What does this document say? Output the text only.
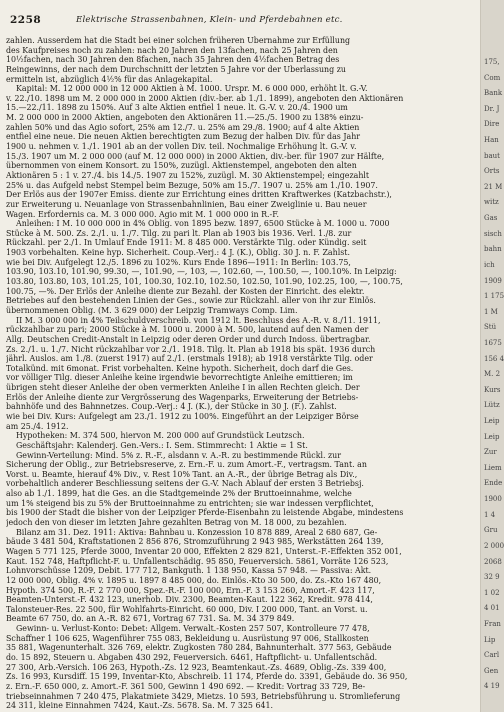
2258	Elektrische Strassenbahnen, Klein- und Pferdebahnen etc.
zahlen. Ausserdem hat die Stadt bei einer solchen früheren Übernahme zur Erfüllung
des Kaufpreises noch zu zahlen: nach 20 Jahren den 13fachen, nach 25 Jahren den
10½fachen, nach 30 Jahren den 8fachen, nach 35 Jahren den 4½fachen Betrag des
Reingewinns, der nach dem Durchschnitt der letzten 5 Jahre vor der Überlassung zu
ermitteln ist, abzüglich 4½% für das Anlagekapital.
Kapital: M. 12 000 000 in 12 000 Aktien à M. 1000. Urspr. M. 6 000 000, erhöht lt. G.-V.
v. 22./10. 1898 um M. 2 000 000 in 2000 Aktien (div.-ber. ab 1./1. 1899), angeboten den Aktionären
15.—22./11. 1898 zu 150%. Auf 3 alte Aktien entfiel 1 neue. lt. G.-V. v. 20./4. 1900 um
M. 2 000 000 in 2000 Aktien, angeboten den Aktionären 11.—25./5. 1900 zu 138% einzu-
zahlen 50% und das Agio sofort, 25% am 12./7. u. 25% am 29./8. 1900; auf 4 alte Aktien
entfiel eine neue. Die neuen Aktien berechtigten zum Bezug der halben Div. für das Jahr
1900 u. nehmen v. 1./1. 1901 ab an der vollen Div. teil. Nochmalige Erhöhung lt. G.-V. v.
15./3. 1907 um M. 2 000 000 (auf M. 12 000 000) in 2000 Aktien, div.-ber. für 1907 zur Hälfte,
übernommen von einem Konsort. zu 150%, zuzügl. Aktienstempel, angeboten den alten
Aktionären 5 : 1 v. 27./4. bis 14./5. 1907 zu 152%, zuzügl. M. 30 Aktienstempel; eingezahlt
25% u. das Aufgeld nebst Stempel beim Bezuge, 50% am 15./7. 1907 u. 25% am 1./10. 1907.
Der Erlös aus der 1907er Emiss. diente zur Errichtung eines dritten Kraftwerkes (Katzbachstr.),
zur Erweiterung u. Neuanlage von Strassenbahnlinien, Bau einer Zweiglinie u. Bau neuer
Wagen. Erfordernis ca. M. 3 000 000. Agio mit M. 1 000 000 in R.-F.
Anleihen: I M. 10 000 000 in 4% Oblig. von 1895 bezw. 1897, 6500 Stücke à M. 1000 u. 7000
Stücke à M. 500. Zs. 2./1. u. 1./7. Tilg. zu pari lt. Plan ab 1903 bis 1936. Verl. 1./8. zur
Rückzahl. per 2./1. In Umlauf Ende 1911: M. 8 485 000. Verstärkte Tilg. oder Kündig. seit
1903 vorbehalten. Keine hyp. Sicherheit. Coup.-Verj.: 4 J. (K.), Oblig. 30 J. n. F. Zahlst.
wie bei Div. Aufgelegt 12./5. 1896 zu 102%. Kurs Ende 1896—1911: In Berlin: 103.75,
103.90, 103.10, 101.90, 99.30, —, 101.90, —, 103, —, 102.60, —, 100.50, —, 100.10%. In Leipzig:
103.80, 103.80, 103, 101.25, 101, 100.30, 102.10, 102.50, 102.50, 101.90, 102.25, 100, —, 100.75,
100.75, —%. Der Erlös der Anleihe diente zur Bezahl. der Kosten der Einricht. des elektr.
Betriebes auf den bestehenden Linien der Ges., sowie zur Rückzahl. aller von ihr zur Einlös.
übernommenen Oblig. (M. 3 629 000) der Leipzig Tramways Comp. Lim.
II M. 3 000 000 in 4% Teilschuldverschreib. von 1912 lt. Beschluss des A.-R. v. 8./11. 1911,
rückzahlbar zu pari; 2000 Stücke à M. 1000 u. 2000 à M. 500, lautend auf den Namen der
Allg. Deutschen Credit-Anstalt in Leipzig oder deren Order und durch Indoss. übertragbar.
Zs. 2./1. u. 1./7. Nicht rückzahlbar vor 2./1. 1918. Tilg. lt. Plan ab 1918 bis spät. 1936 durch
jährl. Auslos. am 1./8. (zuerst 1917) auf 2./1. (erstmals 1918); ab 1918 verstärkte Tilg. oder
Totalkünd. mit 6monat. Frist vorbehalten. Keine hypoth. Sicherheit, doch darf die Ges.
vor völliger Tilg. dieser Anleihe keine irgendwie bevorrechtigte Anleihe emittieren; im
übrigen steht dieser Anleihe der oben vermerkten Anleihe I in allen Rechten gleich. Der
Erlös der Anleihe diente zur Vergrösserung des Wagenparks, Erweiterung der Betriebs-
bahnhöfe und des Bahnnetzes. Coup.-Verj.: 4 J. (K.), der Stücke in 30 J. (F.). Zahlst.
wie bei Div. Kurs: Aufgelegt am 23./1. 1912 zu 100%. Eingeführt an der Leipziger Börse
am 25./4. 1912.
Hypotheken: M. 374 500, hiervon M. 200 000 auf Grundstück Leutzsch.
Geschäftsjahr: Kalenderj. Gen.-Vers.: I. Sem. Stimmrecht: 1 Aktie = 1 St.
Gewinn-Verteilung: Mind. 5% z. R.-F., alsdann v. A.-R. zu bestimmende Rückl. zur
Sicherung der Oblig., zur Betriebsreserve, z. Ern.-F. u. zum Amort.-F., vertragsm. Tant. an
Vorst. u. Beamte, hierauf 4% Div., v. Rest 10% Tant. an A.-R., der übrige Betrag als Div.,
vorbehaltlich anderer Beschliessung seitens der G.-V. Nach Ablauf der ersten 3 Betriebsj.
also ab 1./1. 1899, hat die Ges. an die Stadtgemeinde 2% der Bruttoeinnahme, welche
um 1% steigend bis zu 5% der Bruttoeinnahme zu entrichten; sie war indessen verpflichtet,
bis 1900 der Stadt die bisher von der Leipziger Pferde-Eisenbahn zu leistende Abgabe, mindestens
jedoch den von dieser im letzten Jahre gezahlten Betrag von M. 18 000, zu bezahlen.
Bilanz am 31. Dez. 1911: Aktiva: Bahnbau u. Konzession 10 878 889, Areal 2 680 687, Ge-
bäude 3 481 504, Kraftstationen 2 856 876, Stromzuführung 2 943 985, Werkstätten 264 139,
Wagen 5 771 125, Pferde 3000, Inventar 20 000, Effekten 2 829 821, Unterst.-F.-Effekten 352 001,
Kaut. 152 748, Haftpflicht-F. u. Unfallentschädig. 95 850, Feuerversich. 5861, Vorräte 126 523,
Lohnvorschüsse 1209, Debit. 177 712, Bankguth. 1 138 950, Kassa 57 948. — Passiva: Akt.
12 000 000, Oblig. 4% v. 1895 u. 1897 8 485 000, do. Einlös.-Kto 30 500, do. Zs.-Kto 167 480,
Hypoth. 374 500, R.-F. 2 770 000, Spez.-R.-F. 100 000, Ern.-F. 3 153 260, Amort.-F. 423 117,
Beamten-Unterst.-F. 432 123, unerhob. Div. 2300, Beamten-Kaut. 122 362, Kredit. 978 414,
Talonsteuer-Res. 22 500, für Wohlfahrts-Einricht. 60 000, Div. I 200 000, Tant. an Vorst. u.
Beamte 67 750, do. an A.-R. 82 671, Vortrag 67 731. Sa. M. 34 379 849.
Gewinn- u. Verlust-Konto: Debet: Allgem. Verwalt.-Kosten 257 507, Kontrolleure 77 478,
Schaffner 1 106 625, Wagenführer 755 083, Bekleidung u. Ausrüstung 97 006, Stallkosten
35 881, Wagenunterhalt. 326 769, elektr. Zugkosten 780 284, Bahnunterhalt. 377 563, Gebäude
do. 15 892, Steuern u. Abgaben 430 292, Feuerversich. 6461, Haftpflicht- u. Unfallentschäd.
27 300, Arb.-Versich. 106 263, Hypoth.-Zs. 12 923, Beamtenkaut.-Zs. 4689, Oblig.-Zs. 339 400,
Zs. 16 993, Kursdiff. 15 199, Inventar-Kto, Abschreib. 11 174, Pferde do. 3391, Gebäude do. 36 950,
z. Ern.-F. 650 000, z. Amort.-F. 361 500, Gewinn 1 490 692. — Kredit: Vortrag 33 729, Be-
triebseinnahmen 7 240 475, Plakatmiete 3429, Mietzs. 10 593, Betriebsführung u. Stromlieferung
24 311, kleine Einnahmen 7424, Kaut.-Zs. 5678. Sa. M. 7 325 641.
175,
Com
Bank
Dr. J
Dire
Han
baut
Orts
21 M
witz
Gas
sisch
bahn
ich
1909
1 175
1 M
Stü
1675
156 4
M. 2
Kurs
Lütz
Leip
Leip
Zur
Liem
Ende
1900
1 4
Gru
2 000
2068
32 9
1 02
4 01
Fran
Lip
Carl
Gen
4 19
